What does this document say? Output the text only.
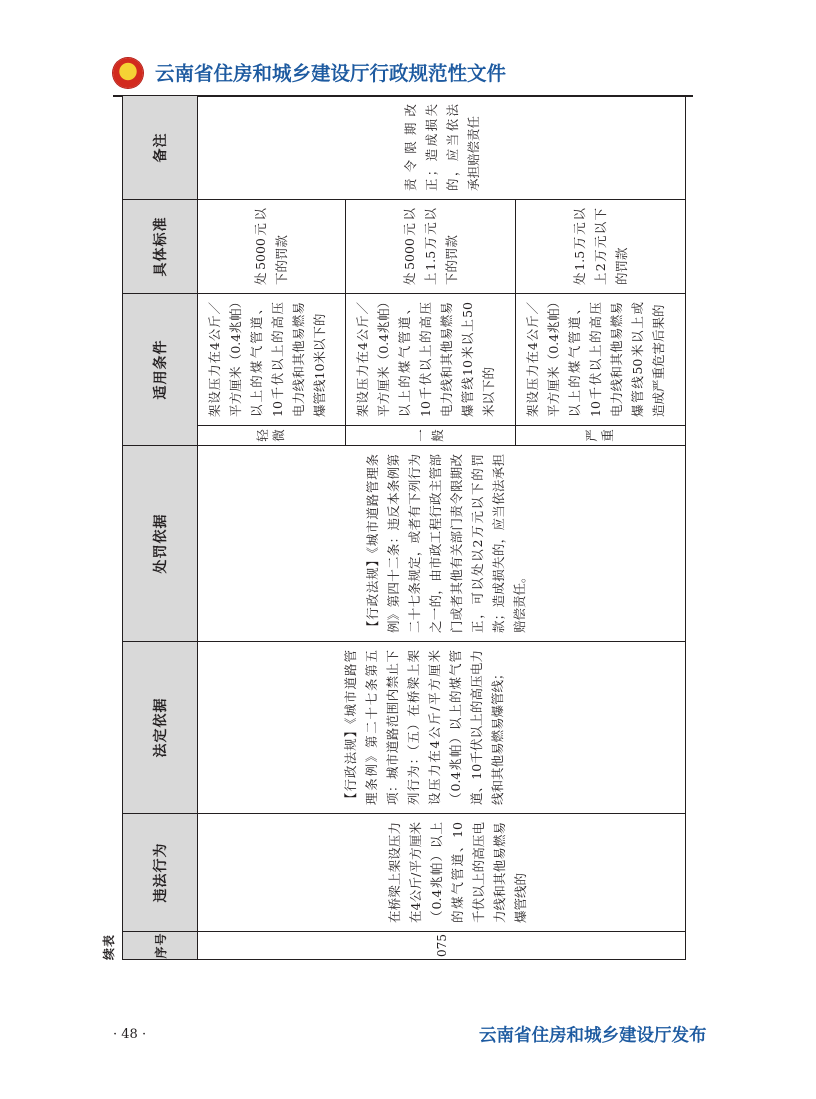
★	云南省住房和城乡建设厅行政规范性文件
续表	序号	违法行为	法定依据	处罚依据	适用条件		具体标准	备注
075	在桥梁上架设压力在4公斤/平方厘米（0.4兆帕）以上的煤气管道、10千伏以上的高压电力线和其他易燃易爆管线的	【行政法规】《城市道路管理条例》第二十七条第五项：城市道路范围内禁止下列行为：（五）在桥梁上架设压力在4公斤/平方厘米（0.4兆帕）以上的煤气管道、10千伏以上的高压电力线和其他易燃易爆管线；	【行政法规】《城市道路管理条例》第四十二条：违反本条例第二十七条规定，或者有下列行为之一的，由市政工程行政主管部门或者其他有关部门责令限期改正，可以处以2万元以下的罚款；造成损失的，应当依法承担赔偿责任。	轻微	架设压力在4公斤／平方厘米（0.4兆帕）以上的煤气管道、10千伏以上的高压电力线和其他易燃易爆管线10米以下的	处5000元以下的罚款	责令限期改正；造成损失的，应当依法承担赔偿责任
				一般	架设压力在4公斤／平方厘米（0.4兆帕）以上的煤气管道、10千伏以上的高压电力线和其他易燃易爆管线10米以上50米以下的	处5000元以上1.5万元以下的罚款	
				严重	架设压力在4公斤／平方厘米（0.4兆帕）以上的煤气管道、10千伏以上的高压电力线和其他易燃易爆管线50米以上或造成严重危害后果的	处1.5万元以上2万元以下的罚款	
· 48 ·	云南省住房和城乡建设厅发布
